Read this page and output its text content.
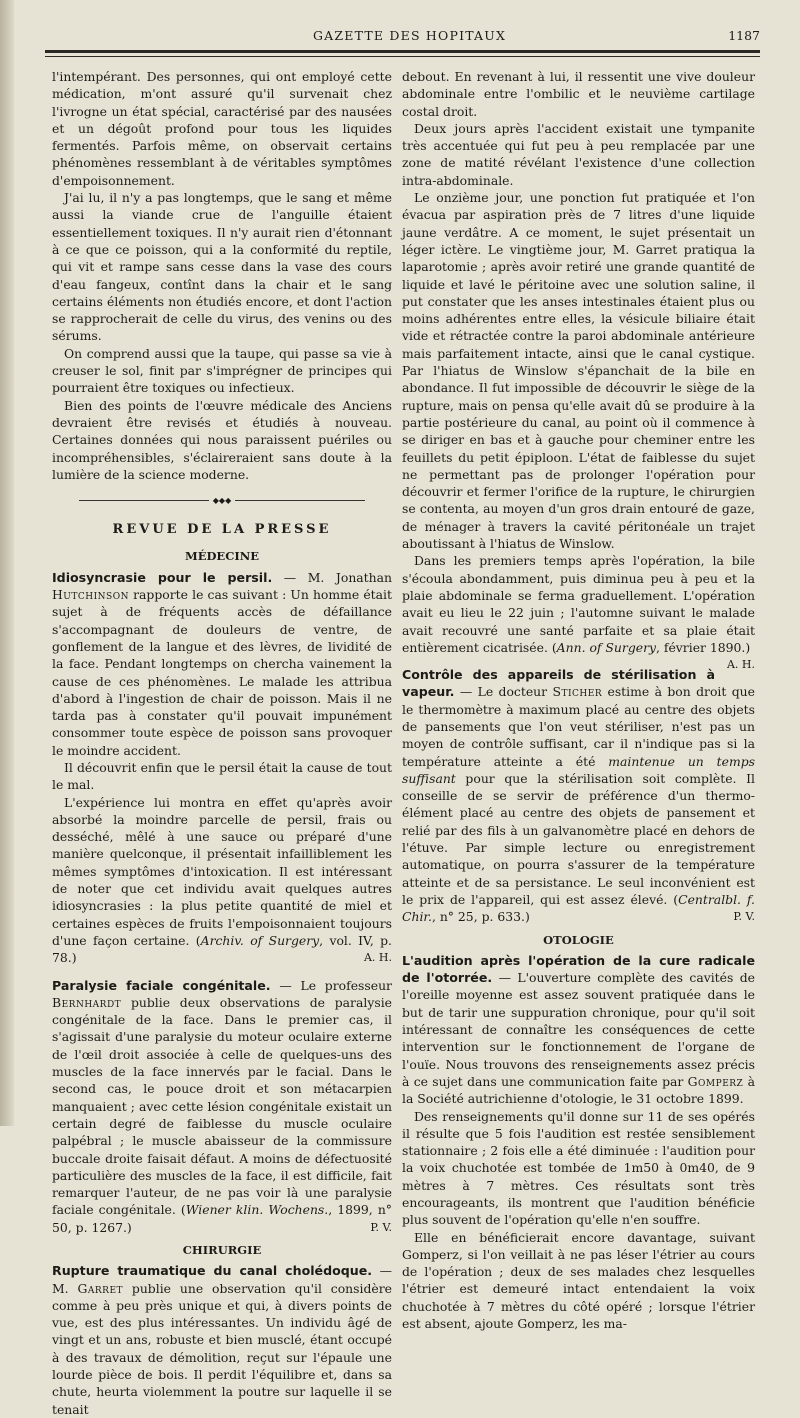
GAZETTE DES HOPITAUX	1187

l'intempérant. Des personnes, qui ont employé cette médication, m'ont assuré qu'il survenait chez l'ivrogne un état spécial, caractérisé par des nausées et un dégoût profond pour tous les liquides fermentés. Parfois même, on observait certains phénomènes ressemblant à de véritables symptômes d'empoisonnement.

J'ai lu, il n'y a pas longtemps, que le sang et même aussi la viande crue de l'anguille étaient essentiellement toxiques. Il n'y aurait rien d'étonnant à ce que ce poisson, qui a la conformité du reptile, qui vit et rampe sans cesse dans la vase des cours d'eau fangeux, contînt dans la chair et le sang certains éléments non étudiés encore, et dont l'action se rapprocherait de celle du virus, des venins ou des sérums.

On comprend aussi que la taupe, qui passe sa vie à creuser le sol, finit par s'imprégner de principes qui pourraient être toxiques ou infectieux.

Bien des points de l'œuvre médicale des Anciens devraient être revisés et étudiés à nouveau. Certaines données qui nous paraissent puériles ou incompréhensibles, s'éclaireraient sans doute à la lumière de la science moderne.

◆◆◆
REVUE DE LA PRESSE
MÉDECINE

Idiosyncrasie pour le persil. — M. Jonathan Hutchinson rapporte le cas suivant : Un homme était sujet à de fréquents accès de défaillance s'accompagnant de douleurs de ventre, de gonflement de la langue et des lèvres, de lividité de la face. Pendant longtemps on chercha vainement la cause de ces phénomènes. Le malade les attribua d'abord à l'ingestion de chair de poisson. Mais il ne tarda pas à constater qu'il pouvait impunément consommer toute espèce de poisson sans provoquer le moindre accident.

Il découvrit enfin que le persil était la cause de tout le mal.

L'expérience lui montra en effet qu'après avoir absorbé la moindre parcelle de persil, frais ou desséché, mêlé à une sauce ou préparé d'une manière quelconque, il présentait infailliblement les mêmes symptômes d'intoxication. Il est intéressant de noter que cet individu avait quelques autres idiosyncrasies : la plus petite quantité de miel et certaines espèces de fruits l'empoisonnaient toujours d'une façon certaine. (Archiv. of Surgery, vol. IV, p. 78.)	A. H.

Paralysie faciale congénitale. — Le professeur Bernhardt publie deux observations de paralysie congénitale de la face. Dans le premier cas, il s'agissait d'une paralysie du moteur oculaire externe de l'œil droit associée à celle de quelques-uns des muscles de la face innervés par le facial. Dans le second cas, le pouce droit et son métacarpien manquaient ; avec cette lésion congénitale existait un certain degré de faiblesse du muscle oculaire palpébral ; le muscle abaisseur de la commissure buccale droite faisait défaut. A moins de défectuosité particulière des muscles de la face, il est difficile, fait remarquer l'auteur, de ne pas voir là une paralysie faciale congénitale. (Wiener klin. Wochens., 1899, n° 50, p. 1267.)	P. V.

CHIRURGIE

Rupture traumatique du canal cholédoque. — M. Garret publie une observation qu'il considère comme à peu près unique et qui, à divers points de vue, est des plus intéressantes. Un individu âgé de vingt et un ans, robuste et bien musclé, étant occupé à des travaux de démolition, reçut sur l'épaule une lourde pièce de bois. Il perdit l'équilibre et, dans sa chute, heurta violemment la poutre sur laquelle il se tenait

debout. En revenant à lui, il ressentit une vive douleur abdominale entre l'ombilic et le neuvième cartilage costal droit.

Deux jours après l'accident existait une tympanite très accentuée qui fut peu à peu remplacée par une zone de matité révélant l'existence d'une collection intra-abdominale.

Le onzième jour, une ponction fut pratiquée et l'on évacua par aspiration près de 7 litres d'une liquide jaune verdâtre. A ce moment, le sujet présentait un léger ictère. Le vingtième jour, M. Garret pratiqua la laparotomie ; après avoir retiré une grande quantité de liquide et lavé le péritoine avec une solution saline, il put constater que les anses intestinales étaient plus ou moins adhérentes entre elles, la vésicule biliaire était vide et rétractée contre la paroi abdominale antérieure mais parfaitement intacte, ainsi que le canal cystique. Par l'hiatus de Winslow s'épanchait de la bile en abondance. Il fut impossible de découvrir le siège de la rupture, mais on pensa qu'elle avait dû se produire à la partie postérieure du canal, au point où il commence à se diriger en bas et à gauche pour cheminer entre les feuillets du petit épiploon. L'état de faiblesse du sujet ne permettant pas de prolonger l'opération pour découvrir et fermer l'orifice de la rupture, le chirurgien se contenta, au moyen d'un gros drain entouré de gaze, de ménager à travers la cavité péritonéale un trajet aboutissant à l'hiatus de Winslow.

Dans les premiers temps après l'opération, la bile s'écoula abondamment, puis diminua peu à peu et la plaie abdominale se ferma graduellement. L'opération avait eu lieu le 22 juin ; l'automne suivant le malade avait recouvré une santé parfaite et sa plaie était entièrement cicatrisée. (Ann. of Surgery, février 1890.)
A. H.

Contrôle des appareils de stérilisation à vapeur. — Le docteur Sticher estime à bon droit que le thermomètre à maximum placé au centre des objets de pansements que l'on veut stériliser, n'est pas un moyen de contrôle suffisant, car il n'indique pas si la température atteinte a été maintenue un temps suffisant pour que la stérilisation soit complète. Il conseille de se servir de préférence d'un thermo-élément placé au centre des objets de pansement et relié par des fils à un galvanomètre placé en dehors de l'étuve. Par simple lecture ou enregistrement automatique, on pourra s'assurer de la température atteinte et de sa persistance. Le seul inconvénient est le prix de l'appareil, qui est assez élevé. (Centralbl. f. Chir., n° 25, p. 633.)	P. V.

OTOLOGIE

L'audition après l'opération de la cure radicale de l'otorrée. — L'ouverture complète des cavités de l'oreille moyenne est assez souvent pratiquée dans le but de tarir une suppuration chronique, pour qu'il soit intéressant de connaître les conséquences de cette intervention sur le fonctionnement de l'organe de l'ouïe. Nous trouvons des renseignements assez précis à ce sujet dans une communication faite par Gomperz à la Société autrichienne d'otologie, le 31 octobre 1899.

Des renseignements qu'il donne sur 11 de ses opérés il résulte que 5 fois l'audition est restée sensiblement stationnaire ; 2 fois elle a été diminuée : l'audition pour la voix chuchotée est tombée de 1m50 à 0m40, de 9 mètres à 7 mètres. Ces résultats sont très encourageants, ils montrent que l'audition bénéficie plus souvent de l'opération qu'elle n'en souffre.

Elle en bénéficierait encore davantage, suivant Gomperz, si l'on veillait à ne pas léser l'étrier au cours de l'opération ; deux de ses malades chez lesquelles l'étrier est demeuré intact entendaient la voix chuchotée à 7 mètres du côté opéré ; lorsque l'étrier est absent, ajoute Gomperz, les ma-
